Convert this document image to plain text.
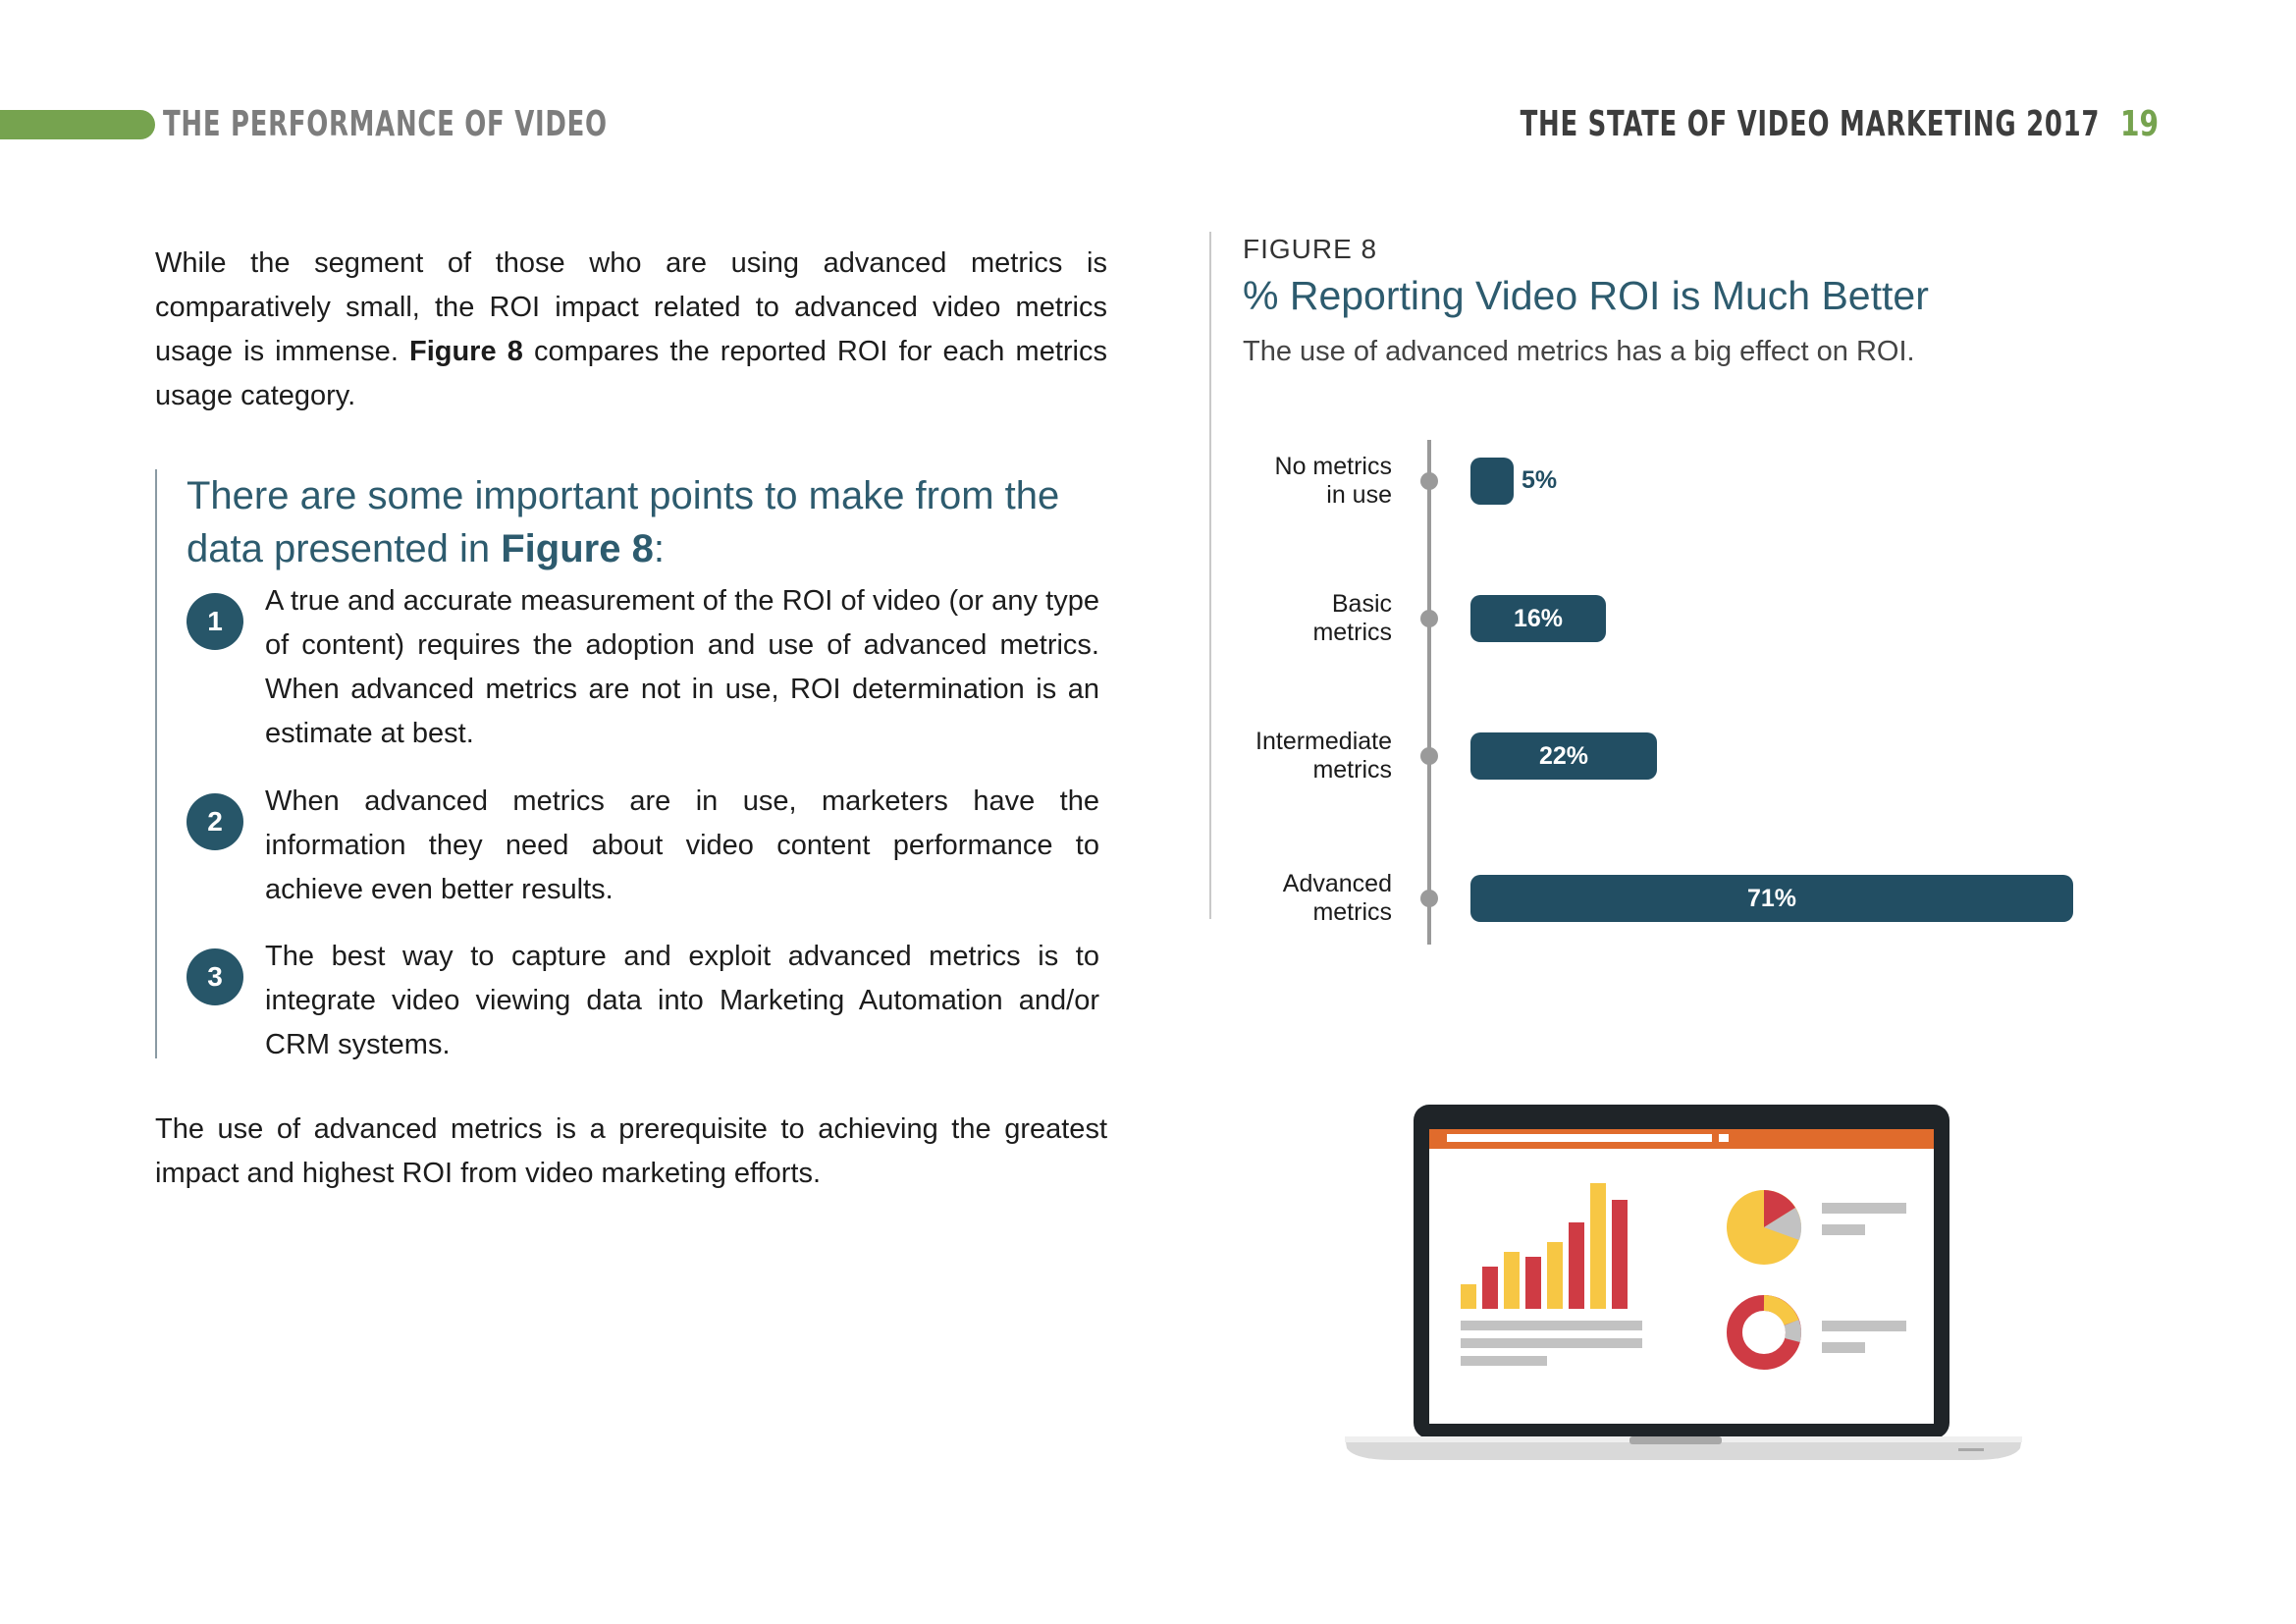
THE PERFORMANCE OF VIDEO	THE STATE OF VIDEO MARKETING 2017 19
While the segment of those who are using advanced metrics is comparatively small, the ROI impact related to advanced video metrics usage is immense. Figure 8 compares the reported ROI for each metrics usage category.
There are some important points to make from the data presented in Figure 8:
1
A true and accurate measurement of the ROI of video (or any type of content) requires the adoption and use of advanced metrics. When advanced metrics are not in use, ROI determination is an estimate at best.
2
When advanced metrics are in use, marketers have the information they need about video content performance to achieve even better results.
3
The best way to capture and exploit advanced metrics is to integrate video viewing data into Marketing Automation and/or CRM systems.
The use of advanced metrics is a prerequisite to achieving the greatest impact and highest ROI from video marketing efforts.
FIGURE 8
% Reporting Video ROI is Much Better
The use of advanced metrics has a big effect on ROI.
No metrics
in use
5%
Basic
metrics
16%
Intermediate
metrics
22%
Advanced
metrics
71%
